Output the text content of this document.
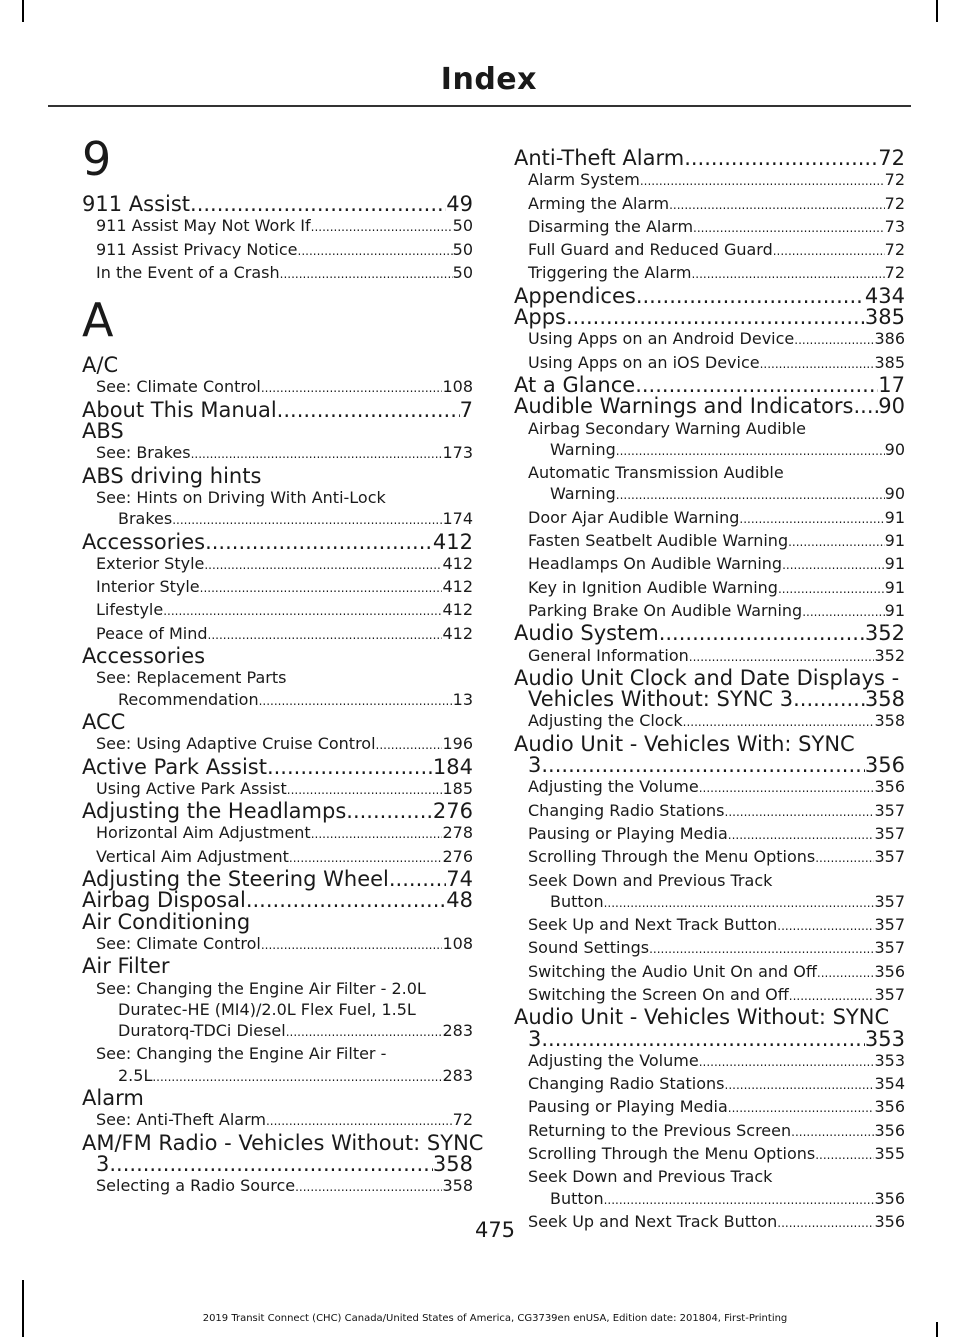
Index
9
911 Assist .....	49
911 Assist May Not Work If .....	50
911 Assist Privacy Notice .....	50
In the Event of a Crash .....	50
A
A/C
See: Climate Control .....	108
About This Manual .....	7
ABS
See: Brakes .....	173
ABS driving hints
See: Hints on Driving With Anti-Lock
Brakes .....	174
Accessories .....	412
Exterior Style .....	412
Interior Style .....	412
Lifestyle .....	412
Peace of Mind .....	412
Accessories
See: Replacement Parts
Recommendation .....	13
ACC
See: Using Adaptive Cruise Control .....	196
Active Park Assist .....	184
Using Active Park Assist .....	185
Adjusting the Headlamps .....	276
Horizontal Aim Adjustment .....	278
Vertical Aim Adjustment .....	276
Adjusting the Steering Wheel .....	74
Airbag Disposal .....	48
Air Conditioning
See: Climate Control .....	108
Air Filter
See: Changing the Engine Air Filter - 2.0L
Duratec-HE (MI4)/2.0L Flex Fuel, 1.5L
Duratorq-TDCi Diesel .....	283
See: Changing the Engine Air Filter -
2.5L .....	283
Alarm
See: Anti-Theft Alarm .....	72
AM/FM Radio - Vehicles Without: SYNC
3 .....	358
Selecting a Radio Source .....	358
Anti-Theft Alarm .....	72
Alarm System .....	72
Arming the Alarm .....	72
Disarming the Alarm .....	73
Full Guard and Reduced Guard .....	72
Triggering the Alarm .....	72
Appendices .....	434
Apps .....	385
Using Apps on an Android Device .....	386
Using Apps on an iOS Device .....	385
At a Glance .....	17
Audible Warnings and Indicators ..... 90
Airbag Secondary Warning Audible
Warning .....	90
Automatic Transmission Audible
Warning .....	90
Door Ajar Audible Warning .....	91
Fasten Seatbelt Audible Warning .....	91
Headlamps On Audible Warning .....	91
Key in Ignition Audible Warning .....	91
Parking Brake On Audible Warning .....	91
Audio System .....	352
General Information .....	352
Audio Unit Clock and Date Displays -
Vehicles Without: SYNC 3 .....	358
Adjusting the Clock .....	358
Audio Unit - Vehicles With: SYNC
3 .....	356
Adjusting the Volume .....	356
Changing Radio Stations .....	357
Pausing or Playing Media .....	357
Scrolling Through the Menu Options .....	357
Seek Down and Previous Track
Button .....	357
Seek Up and Next Track Button .....	357
Sound Settings .....	357
Switching the Audio Unit On and Off .....	356
Switching the Screen On and Off .....	357
Audio Unit - Vehicles Without: SYNC
3 .....	353
Adjusting the Volume .....	353
Changing Radio Stations .....	354
Pausing or Playing Media .....	356
Returning to the Previous Screen .....	356
Scrolling Through the Menu Options .....	355
Seek Down and Previous Track
Button .....	356
Seek Up and Next Track Button .....	356
475
2019 Transit Connect (CHC) Canada/United States of America, CG3739en enUSA, Edition date: 201804, First-Printing
